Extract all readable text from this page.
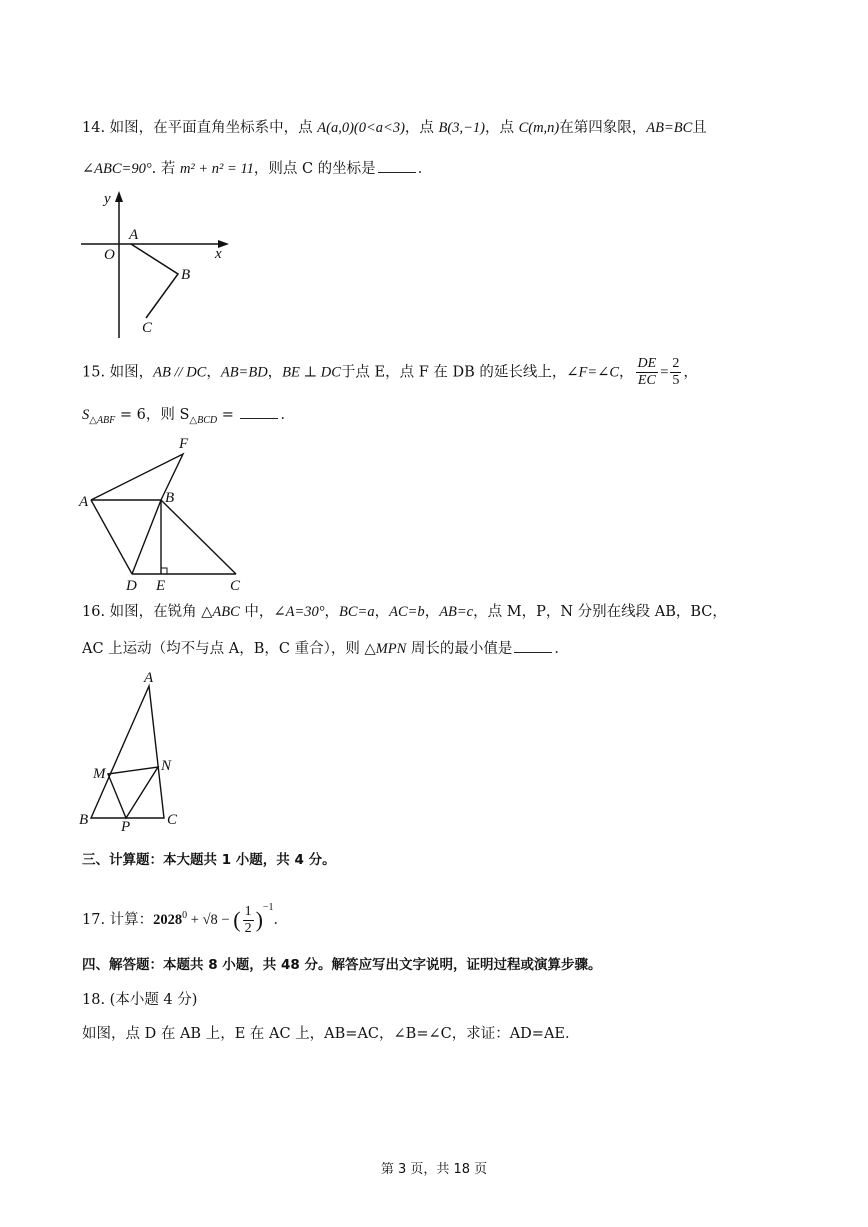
14. 如图，在平面直角坐标系中，点 A(a,0)(0<a<3)，点 B(3,−1)，点 C(m,n)在第四象限，AB=BC且
∠ABC=90°. 若 m² + n² = 11，则点 C 的坐标是	．
y
x
O
A
B
C
15. 如图，AB // DC，AB=BD，BE ⊥ DC于点 E，点 F 在 DB 的延长线上，∠F=∠C， $\frac{DE}{EC} = \frac{2}{5}$ ，
$S_{\triangle ABF} = 6$，则 $S_{\triangle BCD}$ =	．
F
A	B
D E	C
16. 如图，在锐角 △ABC 中，∠A=30°，BC=a，AC=b，AB=c，点 M，P，N 分别在线段 AB，BC，
AC 上运动（均不与点 A，B，C 重合），则 △MPN 周长的最小值是	．
A
M	N
B P C
三、计算题：本大题共 1 小题，共 4 分。
17. 计算：$2028^0 + √8$ − ( $\frac{1}{2} )^{-1}$．
四、解答题：本题共 8 小题，共 48 分。解答应写出文字说明，证明过程或演算步骤。
18. (本小题 4 分)
如图，点 D 在 AB 上，E 在 AC 上，AB=AC，∠B=∠C，求证：AD=AE．
第 3 页，共 18 页
